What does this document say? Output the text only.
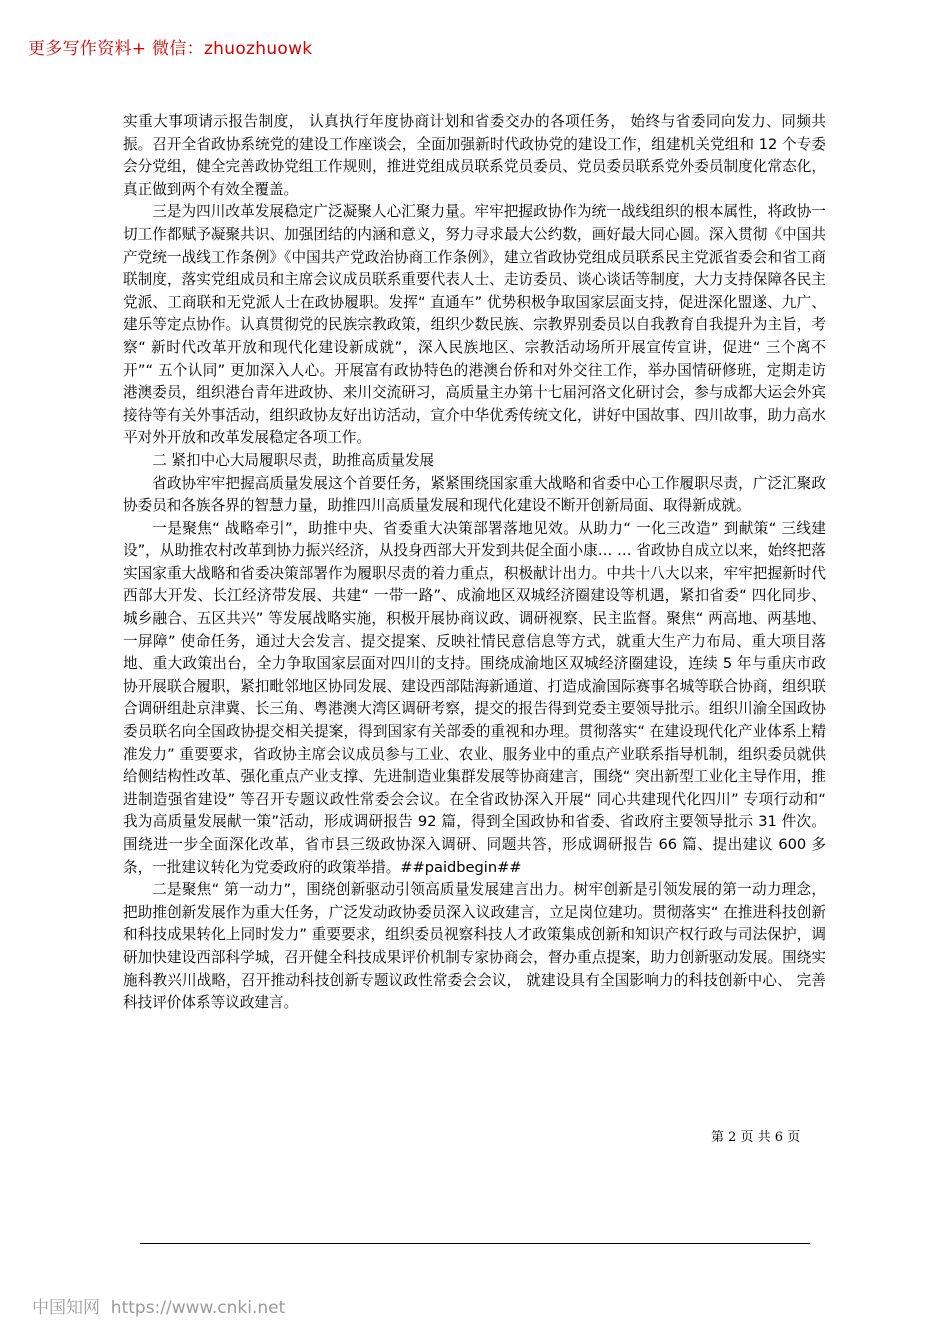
更多写作资料+ 微信：zhuozhuowk

实重大事项请示报告制度， 认真执行年度协商计划和省委交办的各项任务， 始终与省委同向发力、同频共振。召开全省政协系统党的建设工作座谈会，全面加强新时代政协党的建设工作，组建机关党组和 12 个专委会分党组，健全完善政协党组工作规则，推进党组成员联系党员委员、党员委员联系党外委员制度化常态化，真正做到两个有效全覆盖。

三是为四川改革发展稳定广泛凝聚人心汇聚力量。牢牢把握政协作为统一战线组织的根本属性，将政协一切工作都赋予凝聚共识、加强团结的内涵和意义，努力寻求最大公约数，画好最大同心圆。深入贯彻《中国共产党统一战线工作条例》《中国共产党政治协商工作条例》，建立省政协党组成员联系民主党派省委会和省工商联制度，落实党组成员和主席会议成员联系重要代表人士、走访委员、谈心谈话等制度，大力支持保障各民主党派、工商联和无党派人士在政协履职。发挥“ 直通车” 优势积极争取国家层面支持，促进深化盟遂、九广、建乐等定点协作。认真贯彻党的民族宗教政策，组织少数民族、宗教界别委员以自我教育自我提升为主旨，考察“ 新时代改革开放和现代化建设新成就”，深入民族地区、宗教活动场所开展宣传宣讲，促进“ 三个离不开”“ 五个认同” 更加深入人心。开展富有政协特色的港澳台侨和对外交往工作，举办国情研修班，定期走访港澳委员，组织港台青年进政协、来川交流研习，高质量主办第十七届河洛文化研讨会，参与成都大运会外宾接待等有关外事活动，组织政协友好出访活动，宣介中华优秀传统文化，讲好中国故事、四川故事，助力高水平对外开放和改革发展稳定各项工作。

二 紧扣中心大局履职尽责，助推高质量发展

省政协牢牢把握高质量发展这个首要任务，紧紧围绕国家重大战略和省委中心工作履职尽责，广泛汇聚政协委员和各族各界的智慧力量，助推四川高质量发展和现代化建设不断开创新局面、取得新成就。

一是聚焦“ 战略牵引”，助推中央、省委重大决策部署落地见效。从助力“ 一化三改造” 到献策“ 三线建设”，从助推农村改革到协力振兴经济，从投身西部大开发到共促全面小康… … 省政协自成立以来，始终把落实国家重大战略和省委决策部署作为履职尽责的着力重点，积极献计出力。中共十八大以来，牢牢把握新时代西部大开发、长江经济带发展、共建“ 一带一路”、成渝地区双城经济圈建设等机遇，紧扣省委“ 四化同步、城乡融合、五区共兴” 等发展战略实施，积极开展协商议政、调研视察、民主监督。聚焦“ 两高地、两基地、一屏障” 使命任务，通过大会发言、提交提案、反映社情民意信息等方式，就重大生产力布局、重大项目落地、重大政策出台，全力争取国家层面对四川的支持。围绕成渝地区双城经济圈建设，连续 5 年与重庆市政协开展联合履职，紧扣毗邻地区协同发展、建设西部陆海新通道、打造成渝国际赛事名城等联合协商，组织联合调研组赴京津冀、长三角、粤港澳大湾区调研考察，提交的报告得到党委主要领导批示。组织川渝全国政协委员联名向全国政协提交相关提案，得到国家有关部委的重视和办理。贯彻落实“ 在建设现代化产业体系上精准发力” 重要要求，省政协主席会议成员参与工业、农业、服务业中的重点产业联系指导机制，组织委员就供给侧结构性改革、强化重点产业支撑、先进制造业集群发展等协商建言，围绕“ 突出新型工业化主导作用，推进制造强省建设” 等召开专题议政性常委会会议。在全省政协深入开展“ 同心共建现代化四川” 专项行动和“ 我为高质量发展献一策”活动，形成调研报告 92 篇，得到全国政协和省委、省政府主要领导批示 31 件次。围绕进一步全面深化改革，省市县三级政协深入调研、同题共答，形成调研报告 66 篇、提出建议 600 多条，一批建议转化为党委政府的政策举措。##paidbegin##

二是聚焦“ 第一动力”，围绕创新驱动引领高质量发展建言出力。树牢创新是引领发展的第一动力理念，把助推创新发展作为重大任务，广泛发动政协委员深入议政建言，立足岗位建功。贯彻落实“ 在推进科技创新和科技成果转化上同时发力” 重要要求，组织委员视察科技人才政策集成创新和知识产权行政与司法保护，调研加快建设西部科学城，召开健全科技成果评价机制专家协商会，督办重点提案，助力创新驱动发展。围绕实施科教兴川战略，召开推动科技创新专题议政性常委会会议， 就建设具有全国影响力的科技创新中心、 完善科技评价体系等议政建言。

第 2 页 共 6 页
中国知网  https://www.cnki.net
